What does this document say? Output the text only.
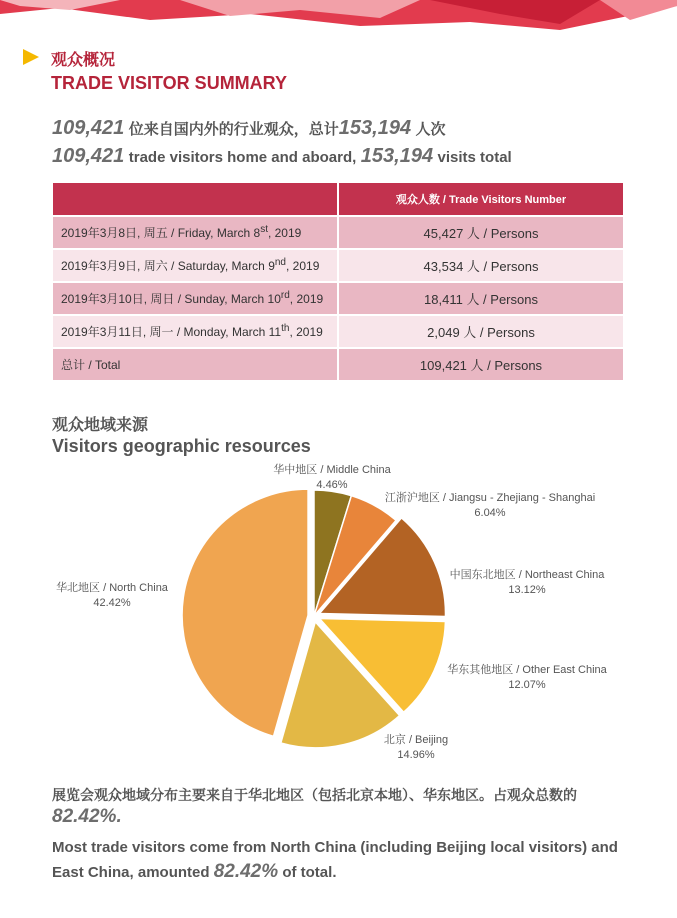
观众概况
TRADE VISITOR SUMMARY
109,421 位来自国内外的行业观众，总计153,194 人次
109,421 trade visitors home and aboard, 153,194 visits total
	观众人数 / Trade Visitors Number
2019年3月8日, 周五 / Friday, March 8st, 2019	45,427 人 / Persons
2019年3月9日, 周六 / Saturday, March 9nd, 2019	43,534 人 / Persons
2019年3月10日, 周日 / Sunday, March 10rd, 2019	18,411 人 / Persons
2019年3月11日, 周一 / Monday, March 11th, 2019	2,049 人 / Persons
总计 / Total	109,421 人 / Persons
观众地域来源
Visitors geographic resources
华中地区 / Middle China
4.46%
江浙沪地区 / Jiangsu - Zhejiang - Shanghai
6.04%
中国东北地区 / Northeast China
13.12%
华东其他地区 / Other East China
12.07%
北京 / Beijing
14.96%
华北地区 / North China
42.42%
展览会观众地域分布主要来自于华北地区（包括北京本地）、华东地区。占观众总数的 82.42%.
Most trade visitors come from North China (including Beijing local visitors) and East China, amounted 82.42% of total.
